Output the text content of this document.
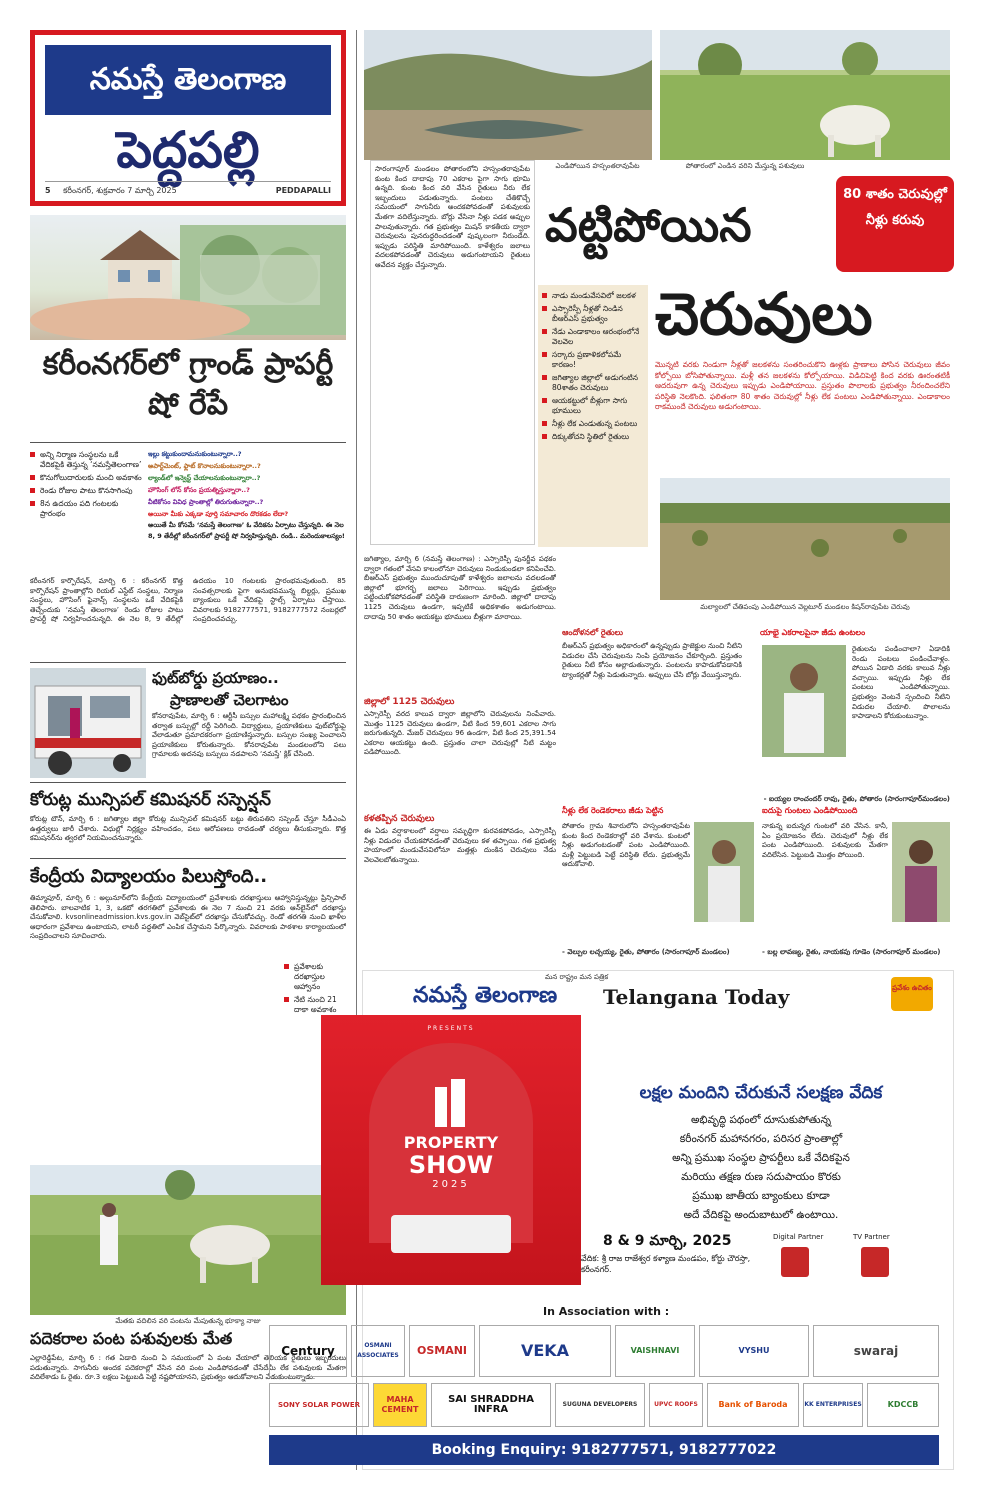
నమస్తే తెలంగాణ
పెద్దపల్లి
5 కరీంనగర్, శుక్రవారం 7 మార్చి 2025	PEDDAPALLI
కరీంనగర్‌లో గ్రాండ్ ప్రాపర్టీ షో రేపే
అన్ని నిర్మాణ సంస్థలను ఒకే వేదికపైకి తెస్తున్న ‘నమస్తేతెలంగాణ’
కొనుగోలుదారులకు మంచి అవకాశం
రెండు రోజుల పాటు కొనసాగింపు
8న ఉదయం పది గంటలకు ప్రారంభం
ఇల్లు కట్టుకుందామనుకుంటున్నారా..?
అపార్ట్‌మెంట్, ఫ్లాట్ కొనాలనుకుంటున్నారా..?
ల్యాండ్‌లో ఇన్వెస్ట్ చేయాలనుకుంటున్నారా..?
హౌసింగ్ లోన్ కోసం ప్రయత్నిస్తున్నారా..?
వీటికోసం వివిధ ప్రాంతాల్లో తిరుగుతున్నారా..?
అయినా మీకు ఎక్కడా పూర్తి సమాచారం దొరకడం లేదా?
అయితే మీ కోసమే ‘నమస్తే తెలంగాణ’ ఓ వేదికను ఏర్పాటు చేస్తున్నది. ఈ నెల 8, 9 తేదీల్లో కరీంనగర్‌లో ప్రాపర్టీ షో నిర్వహిస్తున్నది. రండి.. మరెందుకాలస్యం!
కరీంనగర్ కార్పొరేషన్, మార్చి 6 : కరీంనగర్ కొత్త కార్పొరేషన్‌ ప్రాంతాల్లోని రియల్ ఎస్టేట్‌ సంస్థలు, నిర్మాణ సంస్థలు, హౌసింగ్ ఫైనాన్స్ సంస్థలను ఒకే వేదికపైకి తెచ్చేందుకు ‘నమస్తే తెలంగాణ’ రెండు రోజుల పాటు ప్రాపర్టీ షో నిర్వహించనున్నది. ఈ నెల 8, 9 తేదీల్లో ఉదయం 10 గంటలకు ప్రారంభమవుతుంది. 85 సంవత్సరాలకు పైగా అనుభవమున్న బిల్డర్లు, ప్రముఖ బ్యాంకులు ఒకే వేదికపై స్టాల్స్ ఏర్పాటు చేస్తాయి. వివరాలకు 9182777571, 9182777572 నంబర్లలో సంప్రదించవచ్చు.
ఫుట్‌బోర్డు ప్రయాణం..
ప్రాణాలతో చెలగాటం
కోనరావుపేట, మార్చి 6 : ఆర్టీసీ బస్సుల మహాలక్ష్మి పథకం ప్రారంభించిన తర్వాత బస్సుల్లో రద్దీ పెరిగింది. విద్యార్థులు, ప్రయాణికులు ఫుట్‌బోర్డుపై వేలాడుతూ ప్రమాదకరంగా ప్రయాణిస్తున్నారు. బస్సుల సంఖ్య పెంచాలని ప్రయాణికులు కోరుతున్నారు. కోనరావుపేట మండలంలోని పలు గ్రామాలకు అదనపు బస్సులు నడపాలని ‘నమస్తే’ క్లిక్‌ చేసింది.
కోరుట్ల మున్సిపల్ కమిషనర్ సస్పెన్షన్
కోరుట్ల టౌన్, మార్చి 6 : జగిత్యాల జిల్లా కోరుట్ల మున్సిపల్ కమిషనర్ బట్టు తిరుపతిని సస్పెండ్ చేస్తూ సీడీఎంఏ ఉత్తర్వులు జారీ చేశారు. విధుల్లో నిర్లక్ష్యం వహించడం, పలు ఆరోపణలు రావడంతో చర్యలు తీసుకున్నారు. కొత్త కమిషనర్‌ను త్వరలో నియమించనున్నారు.
కేంద్రీయ విద్యాలయం పిలుస్తోంది..
తిమ్మాపూర్, మార్చి 6 : అల్గునూర్‌లోని కేంద్రీయ విద్యాలయంలో ప్రవేశాలకు దరఖాస్తులు ఆహ్వానిస్తున్నట్లు ప్రిన్సిపాల్ తెలిపారు. బాలవాటిక 1, 3, ఒకటో తరగతిలో ప్రవేశాలకు ఈ నెల 7 నుంచి 21 వరకు ఆన్‌లైన్‌లో దరఖాస్తు చేసుకోవాలి. kvsonlineadmission.kvs.gov.in వెబ్‌సైట్‌లో దరఖాస్తు చేసుకోవచ్చు. రెండో తరగతి నుంచి ఖాళీల ఆధారంగా ప్రవేశాలు ఉంటాయని, లాటరీ పద్ధతిలో ఎంపిక చేస్తామని పేర్కొన్నారు. వివరాలకు పాఠశాల కార్యాలయంలో సంప్రదించాలని సూచించారు.
ప్రవేశాలకు దరఖాస్తుల ఆహ్వానం
నేటి నుంచి 21 దాకా అవకాశం
మేతకు వదిలిన వరి పంటను మేపుతున్న భూక్యా నాజు
పదెకరాల పంట పశువులకు మేత
ఎల్లారెడ్డిపేట, మార్చి 6 : గత ఏడాది నుంచి ఏ సమయంలో ఏ పంట వేయాలో తెలియక రైతులు ఇబ్బందులు పడుతున్నారు. సాగునీరు అందక పదెకరాల్లో వేసిన వరి పంట ఎండిపోవడంతో చేసేదేమీ లేక పశువులకు మేతగా వదిలేశాడు ఓ రైతు. రూ.3 లక్షలు పెట్టుబడి పెట్టి నష్టపోయానని, ప్రభుత్వం ఆదుకోవాలని వేడుకుంటున్నాడు.
సారంగాపూర్ మండలం పోతారంలోని హస్సంతరావుపేట కుంట కింద దాదాపు 70 ఎకరాల పైగా సాగు భూమి ఉన్నది. కుంట కింద వరి వేసిన రైతులు నీరు లేక ఇబ్బందులు పడుతున్నారు. పంటలు చేతికొచ్చే సమయంలో సాగునీరు అందకపోవడంతో పశువులకు మేతగా వదిలేస్తున్నారు. బోర్లు వేసినా నీళ్లు పడక అప్పుల పాలవుతున్నారు. గత ప్రభుత్వం మిషన్ కాకతీయ ద్వారా చెరువులను పునరుద్ధరించడంతో పుష్కలంగా నీరుండేది. ఇప్పుడు పరిస్థితి మారిపోయింది. కాళేశ్వరం జలాలు వదలకపోవడంతో చెరువులు అడుగంటాయని రైతులు ఆవేదన వ్యక్తం చేస్తున్నారు.
ఎండిపోయిన హస్సంతరావుపేట	పోతారంలో ఎండిన వరిని మేస్తున్న పశువులు
80 శాతం చెరువుల్లో నీళ్లు కరువు
వట్టిపోయిన
చెరువులు
నాడు మండువేసవిలో జలకళ
ఎస్సారెస్పీ నీళ్లతో నిండిన బీఆర్ఎస్ ప్రభుత్వం
నేడు ఎండాకాలం ఆరంభంలోనే వెలవెల
సర్కారు ప్రణాళికలోపమే కారణం!
జగిత్యాల జిల్లాలో అడుగంటిన 80శాతం చెరువులు
ఆయకట్టులో బీళ్లుగా సాగు భూములు
నీళ్లు లేక ఎండుతున్న పంటలు
దిక్కుతోచని స్థితిలో రైతులు
మొన్నటి వరకు నిండుగా నీళ్లతో జలకళను సంతరించుకొని ఊళ్లకు ప్రాణాలు పోసిన చెరువులు జీవం కోల్పోయి బోసిపోతున్నాయి. మళ్లీ తన జలకళను కోల్పోయాయి. విడిచిపెట్టి కింద వరకు ఊరంతటికీ ఆదరువుగా ఉన్న చెరువులు ఇప్పుడు ఎండిపోయాయి. ప్రస్తుతం పొలాలకు ప్రభుత్వం నీరందించలేని పరిస్థితి నెలకొంది. ఫలితంగా 80 శాతం చెరువుల్లో నీళ్లు లేక పంటలు ఎండిపోతున్నాయి. ఎండాకాలం రాకముందే చెరువులు అడుగంటాయి.
మల్యాలలో చేతిపంపు ఎండిపోయిన వెల్లటూర్ మండలం కిషన్‌రావుపేట చెరువు
జగిత్యాల, మార్చి 6 (నమస్తే తెలంగాణ) : ఎస్సారెస్పీ పునర్జీవ పథకం ద్వారా గతంలో వేసవి కాలంలోనూ చెరువులు నిండుకుండలా కనిపించేవి. బీఆర్ఎస్ ప్రభుత్వం ముందుచూపుతో కాళేశ్వరం జలాలను వదలడంతో జిల్లాలో భూగర్భ జలాలు పెరిగాయి. ఇప్పుడు ప్రభుత్వం పట్టించుకోకపోవడంతో పరిస్థితి దారుణంగా మారింది. జిల్లాలో దాదాపు 1125 చెరువులు ఉండగా, ఇప్పటికే అధికశాతం అడుగంటాయి. దాదాపు 50 శాతం ఆయకట్టు భూములు బీళ్లుగా మారాయి.
జిల్లాలో 1125 చెరువులు
ఎస్సారెస్పీ వరద కాలువ ద్వారా జిల్లాలోని చెరువులను నింపేవారు. మొత్తం 1125 చెరువులు ఉండగా, వీటి కింద 59,601 ఎకరాల సాగు జరుగుతున్నది. మేజర్ చెరువులు 96 ఉండగా, వీటి కింద 25,391.54 ఎకరాల ఆయకట్టు ఉంది. ప్రస్తుతం చాలా చెరువుల్లో నీటి మట్టం పడిపోయింది.
కళతప్పిన చెరువులు
ఈ ఏడు వర్షాకాలంలో వర్షాలు సమృద్ధిగా కురవకపోవడం, ఎస్సారెస్పీ నీళ్లు విడుదల చేయకపోవడంతో చెరువులు కళ తప్పాయి. గత ప్రభుత్వ హయాంలో మండువేసవిలోనూ మత్తళ్లు దుంకిన చెరువులు నేడు వెలవెలబోతున్నాయి.
ఆందోళనలో రైతులు
బీఆర్ఎస్ ప్రభుత్వం అధికారంలో ఉన్నప్పుడు ప్రాజెక్టుల నుంచి నీటిని విడుదల చేసి చెరువులను నింపి ప్రయోజనం చేకూర్చింది. ప్రస్తుతం రైతులు నీటి కోసం అల్లాడుతున్నారు. పంటలను కాపాడుకోవడానికి ట్యాంకర్లతో నీళ్లు పెడుతున్నారు. అప్పులు చేసి బోర్లు వేయిస్తున్నారు.
యాభై ఎకరాలపైనా జీడు ఉంటలం
రైతులను పండించాలా? ఏడాదికి రెండు పంటలు పండించేవాళ్లం. పోయిన ఏడాది వరకు కాలువ నీళ్లు వచ్చాయి. ఇప్పుడు నీళ్లు లేక పంటలు ఎండిపోతున్నాయి. ప్రభుత్వం వెంటనే స్పందించి నీటిని విడుదల చేయాలి. పొలాలను కాపాడాలని కోరుకుంటున్నాం.
- ఐయ్యల రాంచందర్ రావు, రైతు, పోతారం (సారంగాపూర్‌మండలం)
నీళ్లు లేక రెండెకరాలు జీడు పెట్టిన
పోతారం గ్రామ శివారులోని హస్సంతరావుపేట కుంట కింద రెండెకరాల్లో వరి వేశాను. కుంటలో నీళ్లు అడుగంటడంతో పంట ఎండిపోయింది. మళ్లీ పెట్టుబడి పెట్టే పరిస్థితి లేదు. ప్రభుత్వమే ఆదుకోవాలి.
- వెల్పుల లచ్చయ్య, రైతు, పోతారం (సారంగాపూర్ మండలం)
ఐదుపై గుంటలు ఎండిపోయింది
నాకున్న ఐదున్నర గుంటలో వరి వేసిన. కానీ, ఏం ప్రయోజనం లేదు. చెరువులో నీళ్లు లేక పంట ఎండిపోయింది. పశువులకు మేతగా వదిలేసిన. పెట్టుబడి మొత్తం పోయింది.
- బల్ల లావణ్య, రైతు, నాయకపు గూడెం (సారంగాపూర్ మండలం)
మన రాష్ట్రం మన పత్రిక
నమస్తే తెలంగాణ Telangana Today	ప్రవేశం ఉచితం
PRESENTS
PROPERTY
SHOW
2025
లక్షల మందిని చేరుకునే సలక్షణ వేదిక
అభివృద్ధి పథంలో దూసుకుపోతున్న
కరీంనగర్ మహానగరం, పరిసర ప్రాంతాల్లో
అన్ని ప్రముఖ సంస్థల ప్రాపర్టీలు ఒకే వేదికపైన
మరియు తక్షణ రుణ సదుపాయం కొరకు
ప్రముఖ జాతీయ బ్యాంకులు కూడా
అదే వేదికపై అందుబాటులో ఉంటాయి.
8 & 9 మార్చి, 2025
వేదిక: శ్రీ రాజ రాజేశ్వర కళ్యాణ మండపం, కోర్టు చౌరస్తా, కరీంనగర్.
Digital Partner	TV Partner
In Association with :
Century	OSMANI ASSOCIATES	OSMANI	VEKA	VAISHNAVI	VYSHU	swaraj
SONY SOLAR POWER
MAHA CEMENT
SAI SHRADDHA INFRA	SUGUNA DEVELOPERS	UPVC ROOFS	Bank of Baroda	KK ENTERPRISES	KDCCB
Booking Enquiry: 9182777571, 9182777022
